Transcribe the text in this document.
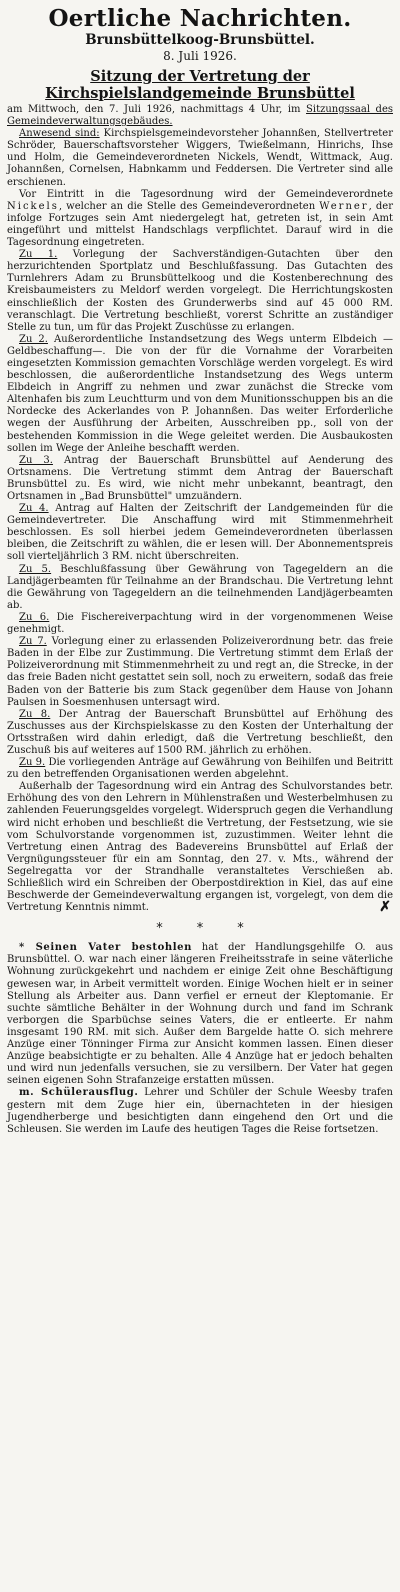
Oertliche Nachrichten.
Brunsbüttelkoog-Brunsbüttel.
8. Juli 1926.
Sitzung der Vertretung der
Kirchspielslandgemeinde Brunsbüttel

am Mittwoch, den 7. Juli 1926, nachmittags 4 Uhr, im Sitzungssaal des Gemeindeverwaltungsgebäudes.

Anwesend sind: Kirchspielsgemeindevorsteher Johannßen, Stellvertreter Schröder, Bauerschaftsvorsteher Wiggers, Twießelmann, Hinrichs, Ihse und Holm, die Gemeindeverordneten Nickels, Wendt, Wittmack, Aug. Johannßen, Cornelsen, Habnkamm und Feddersen. Die Vertreter sind alle erschienen.

Vor Eintritt in die Tagesordnung wird der Gemeindeverordnete Nickels, welcher an die Stelle des Gemeindeverordneten Werner, der infolge Fortzuges sein Amt niedergelegt hat, getreten ist, in sein Amt eingeführt und mittelst Handschlags verpflichtet. Darauf wird in die Tagesordnung eingetreten.

Zu 1. Vorlegung der Sachverständigen-Gutachten über den herzurichtenden Sportplatz und Beschlußfassung. Das Gutachten des Turnlehrers Adam zu Brunsbüttelkoog und die Kostenberechnung des Kreisbaumeisters zu Meldorf werden vorgelegt. Die Herrichtungskosten einschließlich der Kosten des Grunderwerbs sind auf 45 000 RM. veranschlagt. Die Vertretung beschließt, vorerst Schritte an zuständiger Stelle zu tun, um für das Projekt Zuschüsse zu erlangen.

Zu 2. Außerordentliche Instandsetzung des Wegs unterm Elbdeich — Geldbeschaffung—. Die von der für die Vornahme der Vorarbeiten eingesetzten Kommission gemachten Vorschläge werden vorgelegt. Es wird beschlossen, die außerordentliche Instandsetzung des Wegs unterm Elbdeich in Angriff zu nehmen und zwar zunächst die Strecke vom Altenhafen bis zum Leuchtturm und von dem Munitionsschuppen bis an die Nordecke des Ackerlandes von P. Johannßen. Das weiter Erforderliche wegen der Ausführung der Arbeiten, Ausschreiben pp., soll von der bestehenden Kommission in die Wege geleitet werden. Die Ausbaukosten sollen im Wege der Anleihe beschafft werden.

Zu 3. Antrag der Bauerschaft Brunsbüttel auf Aenderung des Ortsnamens. Die Vertretung stimmt dem Antrag der Bauerschaft Brunsbüttel zu. Es wird, wie nicht mehr unbekannt, beantragt, den Ortsnamen in „Bad Brunsbüttel" umzuändern.

Zu 4. Antrag auf Halten der Zeitschrift der Landgemeinden für die Gemeindevertreter. Die Anschaffung wird mit Stimmenmehrheit beschlossen. Es soll hierbei jedem Gemeindeverordneten überlassen bleiben, die Zeitschrift zu wählen, die er lesen will. Der Abonnementspreis soll vierteljährlich 3 RM. nicht überschreiten.

Zu 5. Beschlußfassung über Gewährung von Tagegeldern an die Landjägerbeamten für Teilnahme an der Brandschau. Die Vertretung lehnt die Gewährung von Tagegeldern an die teilnehmenden Landjägerbeamten ab.

Zu 6. Die Fischereiverpachtung wird in der vorgenommenen Weise genehmigt.

Zu 7. Vorlegung einer zu erlassenden Polizeiverordnung betr. das freie Baden in der Elbe zur Zustimmung. Die Vertretung stimmt dem Erlaß der Polizeiverordnung mit Stimmenmehrheit zu und regt an, die Strecke, in der das freie Baden nicht gestattet sein soll, noch zu erweitern, sodaß das freie Baden von der Batterie bis zum Stack gegenüber dem Hause von Johann Paulsen in Soesmenhusen untersagt wird.

Zu 8. Der Antrag der Bauerschaft Brunsbüttel auf Erhöhung des Zuschusses aus der Kirchspielskasse zu den Kosten der Unterhaltung der Ortsstraßen wird dahin erledigt, daß die Vertretung beschließt, den Zuschuß bis auf weiteres auf 1500 RM. jährlich zu erhöhen.

Zu 9. Die vorliegenden Anträge auf Gewährung von Beihilfen und Beitritt zu den betreffenden Organisationen werden abgelehnt.

Außerhalb der Tagesordnung wird ein Antrag des Schulvorstandes betr. Erhöhung des von den Lehrern in Mühlenstraßen und Westerbelmhusen zu zahlenden Feuerungsgeldes vorgelegt. Widerspruch gegen die Verhandlung wird nicht erhoben und beschließt die Vertretung, der Festsetzung, wie sie vom Schulvorstande vorgenommen ist, zuzustimmen. Weiter lehnt die Vertretung einen Antrag des Badevereins Brunsbüttel auf Erlaß der Vergnügungssteuer für ein am Sonntag, den 27. v. Mts., während der Segelregatta vor der Strandhalle veranstaltetes Verschießen ab. Schließlich wird ein Schreiben der Oberpostdirektion in Kiel, das auf eine Beschwerde der Gemeindeverwaltung ergangen ist, vorgelegt, von dem die Vertretung Kenntnis nimmt.	✗
*	*	*

* Seinen Vater bestohlen hat der Handlungsgehilfe O. aus Brunsbüttel. O. war nach einer längeren Freiheitsstrafe in seine väterliche Wohnung zurückgekehrt und nachdem er einige Zeit ohne Beschäftigung gewesen war, in Arbeit vermittelt worden. Einige Wochen hielt er in seiner Stellung als Arbeiter aus. Dann verfiel er erneut der Kleptomanie. Er suchte sämtliche Behälter in der Wohnung durch und fand im Schrank verborgen die Sparbüchse seines Vaters, die er entleerte. Er nahm insgesamt 190 RM. mit sich. Außer dem Bargelde hatte O. sich mehrere Anzüge einer Tönninger Firma zur Ansicht kommen lassen. Einen dieser Anzüge beabsichtigte er zu behalten. Alle 4 Anzüge hat er jedoch behalten und wird nun jedenfalls versuchen, sie zu versilbern. Der Vater hat gegen seinen eigenen Sohn Strafanzeige erstatten müssen.

m. Schülerausflug. Lehrer und Schüler der Schule Weesby trafen gestern mit dem Zuge hier ein, übernachteten in der hiesigen Jugendherberge und besichtigten dann eingehend den Ort und die Schleusen. Sie werden im Laufe des heutigen Tages die Reise fortsetzen.
